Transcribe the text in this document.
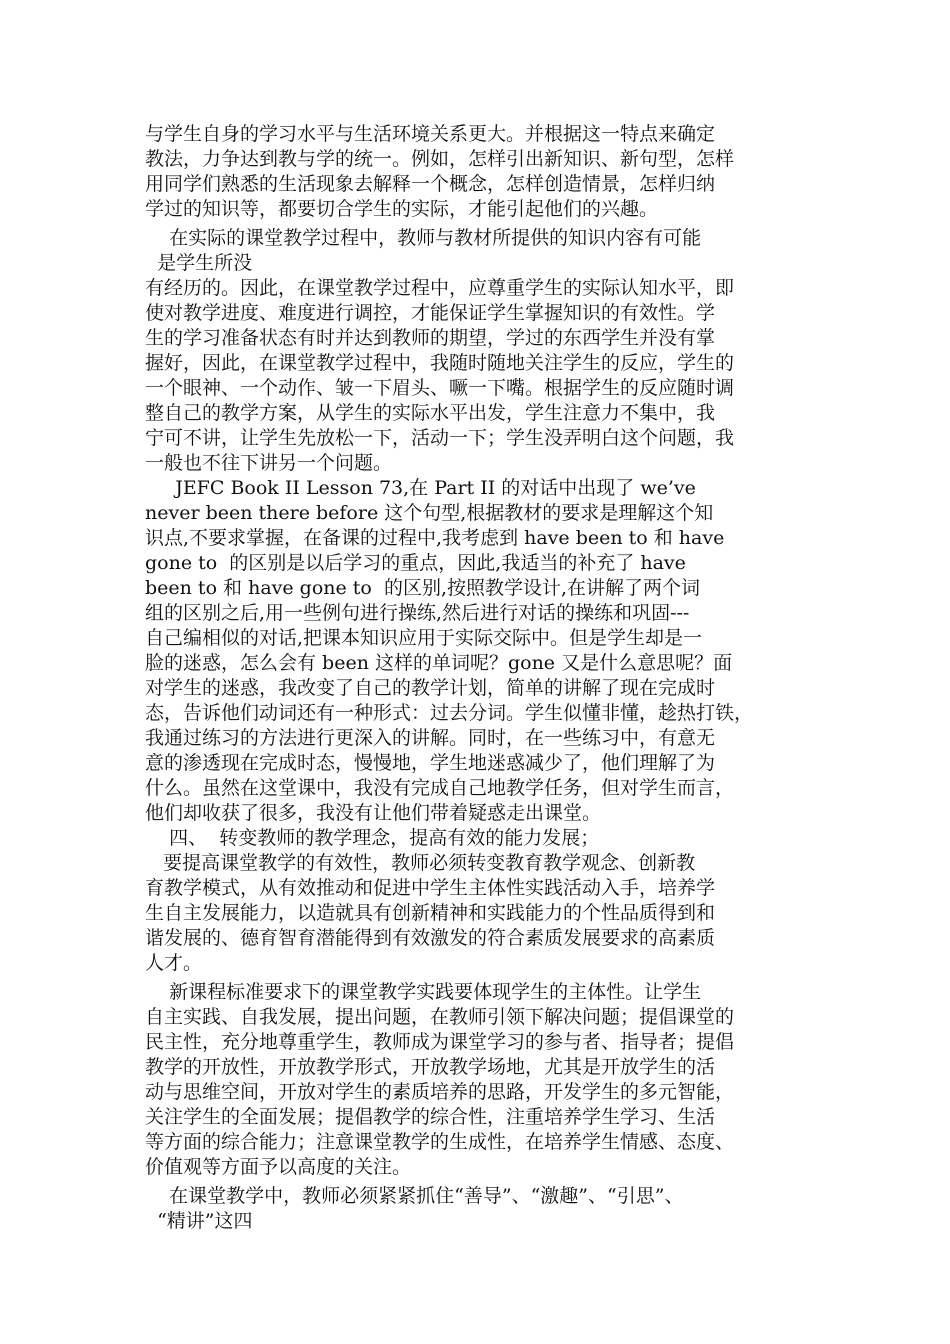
与学生自身的学习水平与生活环境关系更大。并根据这一特点来确定
教法，力争达到教与学的统一。例如，怎样引出新知识、新句型，怎样
用同学们熟悉的生活现象去解释一个概念，怎样创造情景，怎样归纳
学过的知识等，都要切合学生的实际，才能引起他们的兴趣。
在实际的课堂教学过程中，教师与教材所提供的知识内容有可能
是学生所没
有经历的。因此，在课堂教学过程中，应尊重学生的实际认知水平，即
使对教学进度、难度进行调控，才能保证学生掌握知识的有效性。学
生的学习准备状态有时并达到教师的期望，学过的东西学生并没有掌
握好，因此，在课堂教学过程中，我随时随地关注学生的反应，学生的
一个眼神、一个动作、皱一下眉头、噘一下嘴。根据学生的反应随时调
整自己的教学方案，从学生的实际水平出发，学生注意力不集中，我
宁可不讲，让学生先放松一下，活动一下；学生没弄明白这个问题，我
一般也不往下讲另一个问题。
JEFC Book II Lesson 73,在 Part II 的对话中出现了 we’ve
never been there before 这个句型,根据教材的要求是理解这个知
识点,不要求掌握，在备课的过程中,我考虑到 have been to 和 have
gone to  的区别是以后学习的重点，因此,我适当的补充了 have
been to 和 have gone to  的区别,按照教学设计,在讲解了两个词
组的区别之后,用一些例句进行操练,然后进行对话的操练和巩固---
自己编相似的对话,把课本知识应用于实际交际中。但是学生却是一
脸的迷惑，怎么会有 been 这样的单词呢？gone 又是什么意思呢？面
对学生的迷惑，我改变了自己的教学计划，简单的讲解了现在完成时
态，告诉他们动词还有一种形式：过去分词。学生似懂非懂，趁热打铁，
我通过练习的方法进行更深入的讲解。同时，在一些练习中，有意无
意的渗透现在完成时态，慢慢地，学生地迷惑减少了，他们理解了为
什么。虽然在这堂课中，我没有完成自己地教学任务，但对学生而言，
他们却收获了很多，我没有让他们带着疑惑走出课堂。
四、  转变教师的教学理念，提高有效的能力发展；
要提高课堂教学的有效性，教师必须转变教育教学观念、创新教
育教学模式，从有效推动和促进中学生主体性实践活动入手，培养学
生自主发展能力，以造就具有创新精神和实践能力的个性品质得到和
谐发展的、德育智育潜能得到有效激发的符合素质发展要求的高素质
人才。
新课程标准要求下的课堂教学实践要体现学生的主体性。让学生
自主实践、自我发展，提出问题，在教师引领下解决问题；提倡课堂的
民主性，充分地尊重学生，教师成为课堂学习的参与者、指导者；提倡
教学的开放性，开放教学形式，开放教学场地，尤其是开放学生的活
动与思维空间，开放对学生的素质培养的思路，开发学生的多元智能，
关注学生的全面发展；提倡教学的综合性，注重培养学生学习、生活
等方面的综合能力；注意课堂教学的生成性，在培养学生情感、态度、
价值观等方面予以高度的关注。
在课堂教学中，教师必须紧紧抓住“善导”、“激趣”、“引思”、
“精讲”这四
